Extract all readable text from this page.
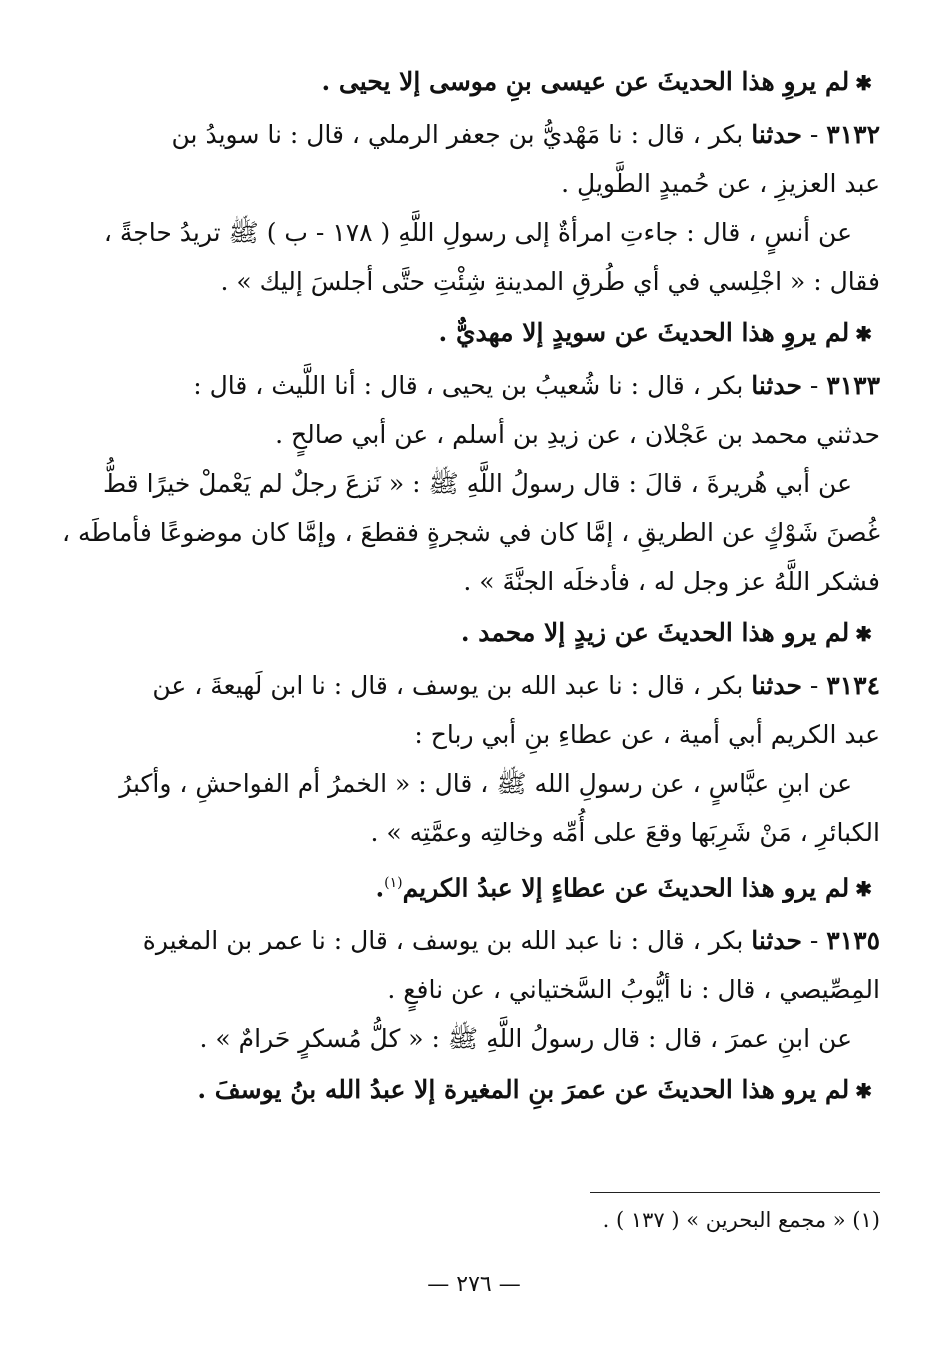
✱لم يروِ هذا الحديثَ عن عيسى بنِ موسى إلا يحيى .
٣١٣٢ - حدثنا بكر ، قال : نا مَهْديُّ بن جعفر الرملي ، قال : نا سويدُ بن
عبد العزيزِ ، عن حُميدٍ الطَّويلِ .
عن أنسٍ ، قال : جاءتِ امرأةٌ إلى رسولِ اللَّهِ ( ١٧٨ - ب ) ﷺ تريدُ حاجةً ،
فقال : « اجْلِسي في أي طُرقِ المدينةِ شِئْتِ حتَّى أجلسَ إليك » .
✱لم يروِ هذا الحديثَ عن سويدٍ إلا مهديٌّ .
٣١٣٣ - حدثنا بكر ، قال : نا شُعيبُ بن يحيى ، قال : أنا اللَّيث ، قال :
حدثني محمد بن عَجْلان ، عن زيدِ بن أسلم ، عن أبي صالحٍ .
عن أبي هُريرةَ ، قالَ : قال رسولُ اللَّهِ ﷺ : « نَزعَ رجلٌ لم يَعْملْ خيرًا قطُّ
غُصنَ شَوْكٍ عن الطريقِ ، إمَّا كان في شجرةٍ فقطعَ ، وإمَّا كان موضوعًا فأماطَه ،
فشكر اللَّهُ عز وجل له ، فأدخلَه الجنَّةَ » .
✱لم يرو هذا الحديثَ عن زيدٍ إلا محمد .
٣١٣٤ - حدثنا بكر ، قال : نا عبد الله بن يوسف ، قال : نا ابن لَهيعةَ ، عن
عبد الكريم أبي أمية ، عن عطاءِ بنِ أبي رباح :
عن ابنِ عبَّاسٍ ، عن رسولِ الله ﷺ ، قال : « الخمرُ أم الفواحشِ ، وأكبرُ
الكبائرِ ، مَنْ شَرِبَها وقعَ على أُمِّه وخالتِه وعمَّتِه » .
✱لم يرو هذا الحديثَ عن عطاءٍ إلا عبدُ الكريم$^{(١)}$.
٣١٣٥ - حدثنا بكر ، قال : نا عبد الله بن يوسف ، قال : نا عمر بن المغيرة
المِصِّيصي ، قال : نا أيُّوبُ السَّختياني ، عن نافعٍ .
عن ابنِ عمرَ ، قال : قال رسولُ اللَّهِ ﷺ : « كلُّ مُسكرٍ حَرامٌ » .
✱لم يرو هذا الحديثَ عن عمرَ بنِ المغيرة إلا عبدُ الله بنُ يوسفَ .
(١) « مجمع البحرين » ( ١٣٧ ) .
— ٢٧٦ —
